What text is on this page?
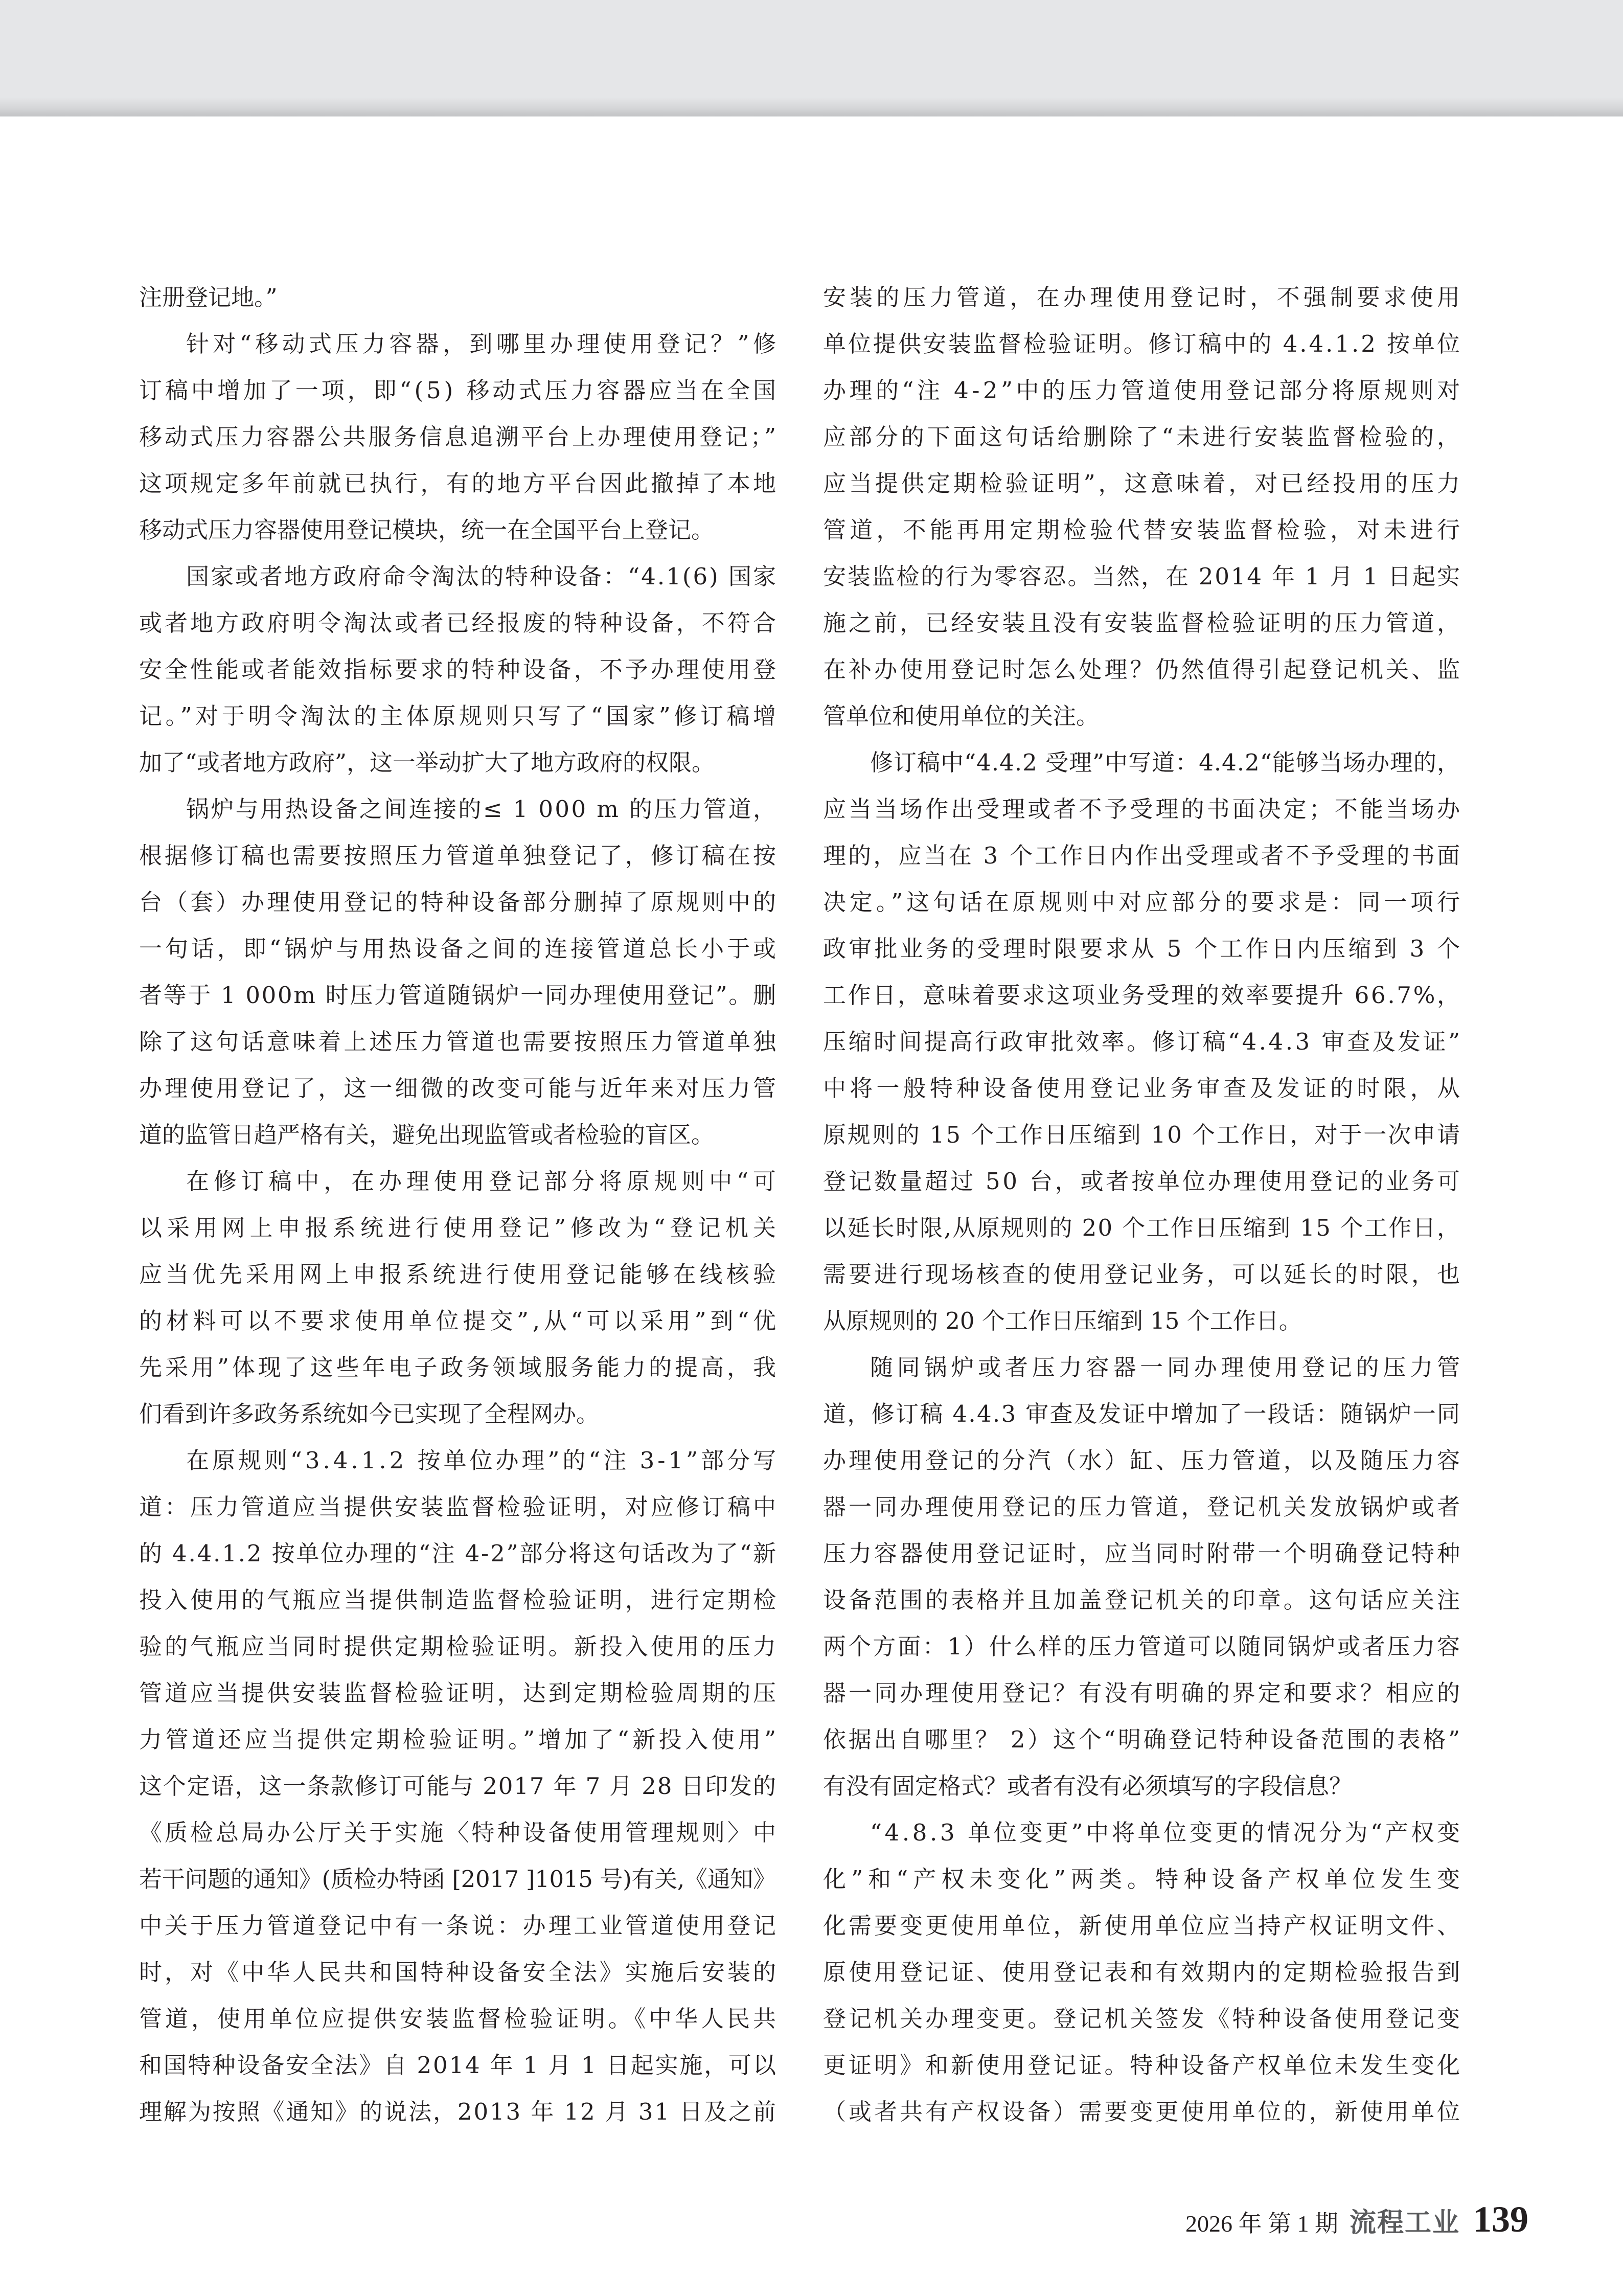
注册登记地。”
针对“移动式压力容器，到哪里办理使用登记？”修
订稿中增加了一项，即“(5) 移动式压力容器应当在全国
移动式压力容器公共服务信息追溯平台上办理使用登记；”
这项规定多年前就已执行，有的地方平台因此撤掉了本地
移动式压力容器使用登记模块，统一在全国平台上登记。
国家或者地方政府命令淘汰的特种设备：“4.1(6) 国家
或者地方政府明令淘汰或者已经报废的特种设备，不符合
安全性能或者能效指标要求的特种设备，不予办理使用登
记。”对于明令淘汰的主体原规则只写了“国家”修订稿增
加了“或者地方政府”，这一举动扩大了地方政府的权限。
锅炉与用热设备之间连接的≤ 1 000 m 的压力管道，
根据修订稿也需要按照压力管道单独登记了，修订稿在按
台（套）办理使用登记的特种设备部分删掉了原规则中的
一句话，即“锅炉与用热设备之间的连接管道总长小于或
者等于 1 000m 时压力管道随锅炉一同办理使用登记”。删
除了这句话意味着上述压力管道也需要按照压力管道单独
办理使用登记了，这一细微的改变可能与近年来对压力管
道的监管日趋严格有关，避免出现监管或者检验的盲区。
在修订稿中，在办理使用登记部分将原规则中“可
以采用网上申报系统进行使用登记”修改为“登记机关
应当优先采用网上申报系统进行使用登记能够在线核验
的材料可以不要求使用单位提交”,从“可以采用”到“优
先采用”体现了这些年电子政务领域服务能力的提高，我
们看到许多政务系统如今已实现了全程网办。
在原规则“3.4.1.2 按单位办理”的“注 3-1”部分写
道：压力管道应当提供安装监督检验证明，对应修订稿中
的 4.4.1.2 按单位办理的“注 4-2”部分将这句话改为了“新
投入使用的气瓶应当提供制造监督检验证明，进行定期检
验的气瓶应当同时提供定期检验证明。新投入使用的压力
管道应当提供安装监督检验证明，达到定期检验周期的压
力管道还应当提供定期检验证明。”增加了“新投入使用”
这个定语，这一条款修订可能与 2017 年 7 月 28 日印发的
《质检总局办公厅关于实施〈特种设备使用管理规则〉中
若干问题的通知》(质检办特函 [2017 ]1015 号)有关,《通知》
中关于压力管道登记中有一条说：办理工业管道使用登记
时，对《中华人民共和国特种设备安全法》实施后安装的
管道，使用单位应提供安装监督检验证明。《中华人民共
和国特种设备安全法》自 2014 年 1 月 1 日起实施，可以
理解为按照《通知》的说法，2013 年 12 月 31 日及之前
安装的压力管道，在办理使用登记时，不强制要求使用
单位提供安装监督检验证明。修订稿中的 4.4.1.2 按单位
办理的“注 4-2”中的压力管道使用登记部分将原规则对
应部分的下面这句话给删除了“未进行安装监督检验的，
应当提供定期检验证明”，这意味着，对已经投用的压力
管道，不能再用定期检验代替安装监督检验，对未进行
安装监检的行为零容忍。当然，在 2014 年 1 月 1 日起实
施之前，已经安装且没有安装监督检验证明的压力管道，
在补办使用登记时怎么处理？仍然值得引起登记机关、监
管单位和使用单位的关注。
修订稿中“4.4.2 受理”中写道：4.4.2“能够当场办理的，
应当当场作出受理或者不予受理的书面决定；不能当场办
理的，应当在 3 个工作日内作出受理或者不予受理的书面
决定。”这句话在原规则中对应部分的要求是：同一项行
政审批业务的受理时限要求从 5 个工作日内压缩到 3 个
工作日，意味着要求这项业务受理的效率要提升 66.7%，
压缩时间提高行政审批效率。修订稿“4.4.3 审查及发证”
中将一般特种设备使用登记业务审查及发证的时限，从
原规则的 15 个工作日压缩到 10 个工作日，对于一次申请
登记数量超过 50 台，或者按单位办理使用登记的业务可
以延长时限,从原规则的 20 个工作日压缩到 15 个工作日，
需要进行现场核查的使用登记业务，可以延长的时限，也
从原规则的 20 个工作日压缩到 15 个工作日。
随同锅炉或者压力容器一同办理使用登记的压力管
道，修订稿 4.4.3 审查及发证中增加了一段话：随锅炉一同
办理使用登记的分汽（水）缸、压力管道，以及随压力容
器一同办理使用登记的压力管道，登记机关发放锅炉或者
压力容器使用登记证时，应当同时附带一个明确登记特种
设备范围的表格并且加盖登记机关的印章。这句话应关注
两个方面：1）什么样的压力管道可以随同锅炉或者压力容
器一同办理使用登记？有没有明确的界定和要求？相应的
依据出自哪里？ 2）这个“明确登记特种设备范围的表格”
有没有固定格式？或者有没有必须填写的字段信息？
“4.8.3 单位变更”中将单位变更的情况分为“产权变
化”和“产权未变化”两类。特种设备产权单位发生变
化需要变更使用单位，新使用单位应当持产权证明文件、
原使用登记证、使用登记表和有效期内的定期检验报告到
登记机关办理变更。登记机关签发《特种设备使用登记变
更证明》和新使用登记证。特种设备产权单位未发生变化
（或者共有产权设备）需要变更使用单位的，新使用单位
2026 年 第 1 期 流程工业 139
